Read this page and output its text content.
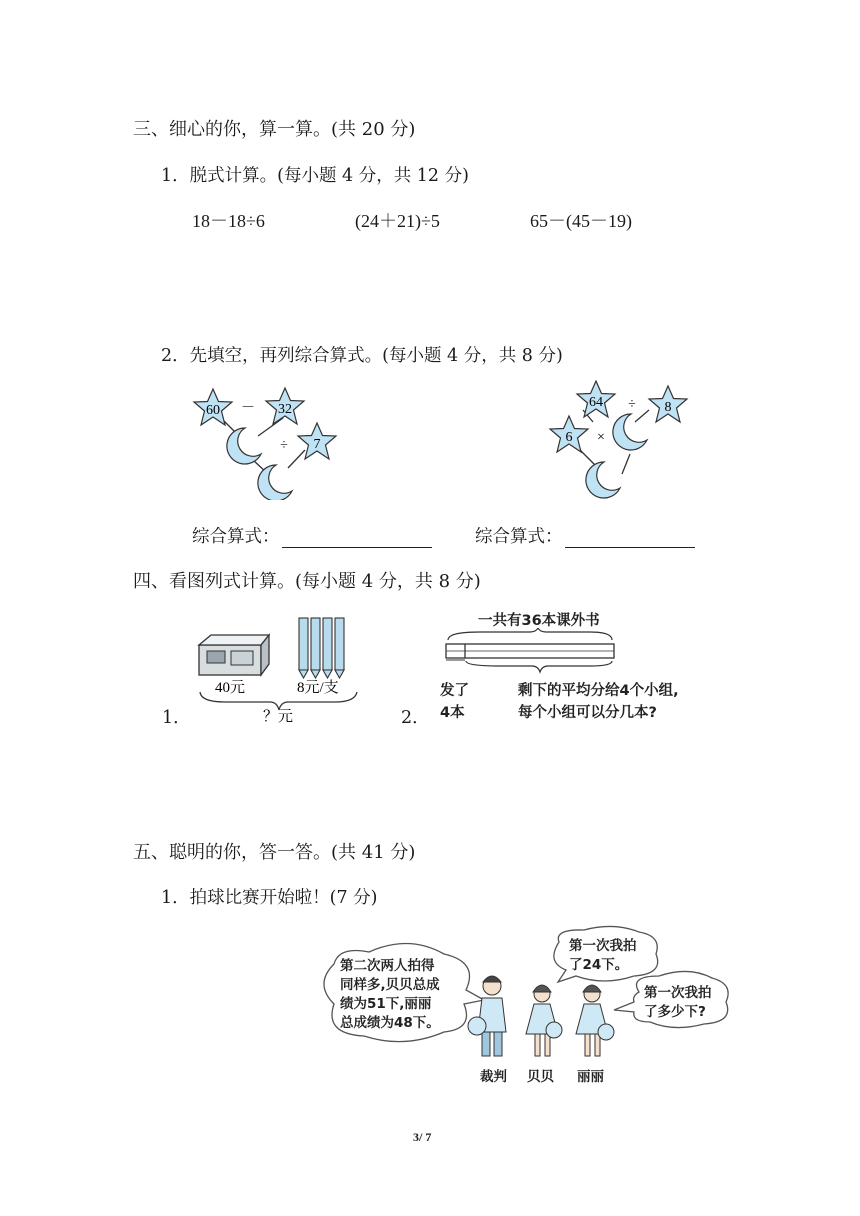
三、细心的你，算一算。(共 20 分)
1．脱式计算。(每小题 4 分，共 12 分)
18－18÷6	(24＋21)÷5	65－(45－19)
2．先填空，再列综合算式。(每小题 4 分，共 8 分)
60 － 32
÷ 7
64 ÷ 8
6 ×
综合算式：	综合算式：
四、看图列式计算。(每小题 4 分，共 8 分)
1．
40元	8元/支
？元	2．
一共有36本课外书
发了
4本
剩下的平均分给4个小组,
每个小组可以分几本?
五、聪明的你，答一答。(共 41 分)
1．拍球比赛开始啦！(7 分)
第二次两人拍得
同样多,贝贝总成
绩为51下,丽丽
总成绩为48下。
第一次我拍
了24下。
第一次我拍
了多少下?
裁判 贝贝 丽丽
3/ 7
